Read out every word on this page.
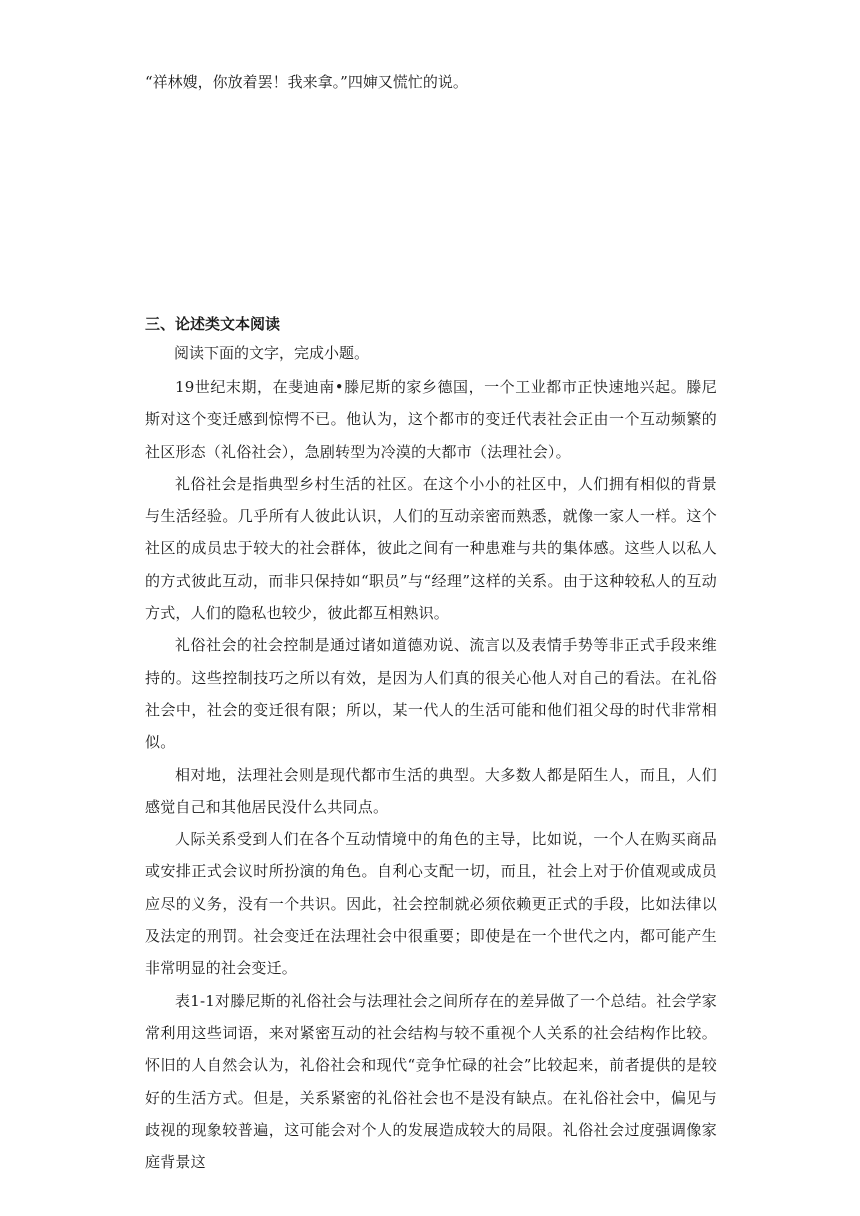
“祥林嫂，你放着罢！我来拿。”四婶又慌忙的说。
三、论述类文本阅读
阅读下面的文字，完成小题。

19世纪末期，在斐迪南•滕尼斯的家乡德国，一个工业都市正快速地兴起。滕尼斯对这个变迁感到惊愕不已。他认为，这个都市的变迁代表社会正由一个互动频繁的社区形态（礼俗社会），急剧转型为冷漠的大都市（法理社会）。

礼俗社会是指典型乡村生活的社区。在这个小小的社区中，人们拥有相似的背景与生活经验。几乎所有人彼此认识，人们的互动亲密而熟悉，就像一家人一样。这个社区的成员忠于较大的社会群体，彼此之间有一种患难与共的集体感。这些人以私人的方式彼此互动，而非只保持如“职员”与“经理”这样的关系。由于这种较私人的互动方式，人们的隐私也较少，彼此都互相熟识。

礼俗社会的社会控制是通过诸如道德劝说、流言以及表情手势等非正式手段来维持的。这些控制技巧之所以有效，是因为人们真的很关心他人对自己的看法。在礼俗社会中，社会的变迁很有限；所以，某一代人的生活可能和他们祖父母的时代非常相似。

相对地，法理社会则是现代都市生活的典型。大多数人都是陌生人，而且，人们感觉自己和其他居民没什么共同点。

人际关系受到人们在各个互动情境中的角色的主导，比如说，一个人在购买商品或安排正式会议时所扮演的角色。自利心支配一切，而且，社会上对于价值观或成员应尽的义务，没有一个共识。因此，社会控制就必须依赖更正式的手段，比如法律以及法定的刑罚。社会变迁在法理社会中很重要；即使是在一个世代之内，都可能产生非常明显的社会变迁。

表1-1对滕尼斯的礼俗社会与法理社会之间所存在的差异做了一个总结。社会学家常利用这些词语，来对紧密互动的社会结构与较不重视个人关系的社会结构作比较。怀旧的人自然会认为，礼俗社会和现代“竞争忙碌的社会”比较起来，前者提供的是较好的生活方式。但是，关系紧密的礼俗社会也不是没有缺点。在礼俗社会中，偏见与歧视的现象较普遍，这可能会对个人的发展造成较大的局限。礼俗社会过度强调像家庭背景这
